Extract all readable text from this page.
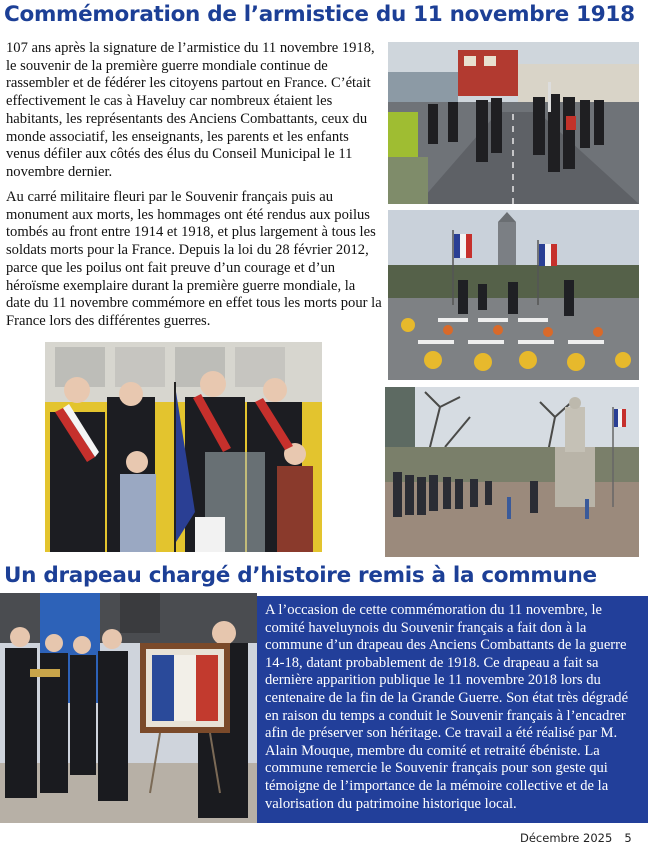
Commémoration de l’armistice du 11 novembre 1918

107 ans après la signature de l’armistice du 11 novembre 1918, le souvenir de la première guerre mondiale continue de rassembler et de fédérer les citoyens partout en France. C’était effectivement le cas à Haveluy car nombreux étaient les habitants, les représentants des Anciens Combattants, ceux du monde associatif, les enseignants, les parents et les enfants venus défiler aux côtés des élus du Conseil Municipal le 11 novembre dernier.

Au carré militaire fleuri par le Souvenir français puis au monument aux morts, les hommages ont été rendus aux poilus tombés au front entre 1914 et 1918, et plus largement à tous les soldats morts pour la France. Depuis la loi du 28 février 2012, parce que les poilus ont fait preuve d’un courage et d’un héroïsme exemplaire durant la première guerre mondiale, la date du 11 novembre commémore en effet tous les morts pour la France lors des différentes guerres.

Un drapeau chargé d’histoire remis à la commune

A l’occasion de cette commémoration du 11 novembre, le comité haveluynois du Souvenir français a fait don à la commune d’un drapeau des Anciens Combattants de la guerre 14-18, datant probablement de 1918. Ce drapeau a fait sa dernière apparition publique le 11 novembre 2018 lors du centenaire de la fin de la Grande Guerre. Son état très dégradé en raison du temps a conduit le Souvenir français à l’encadrer afin de préserver son héritage. Ce travail a été réalisé par M. Alain Mouque, membre du comité et retraité ébéniste. La commune remercie le Souvenir français pour son geste qui témoigne de l’importance de la mémoire collective et de la valorisation du patrimoine historique local.

Décembre 2025 5
